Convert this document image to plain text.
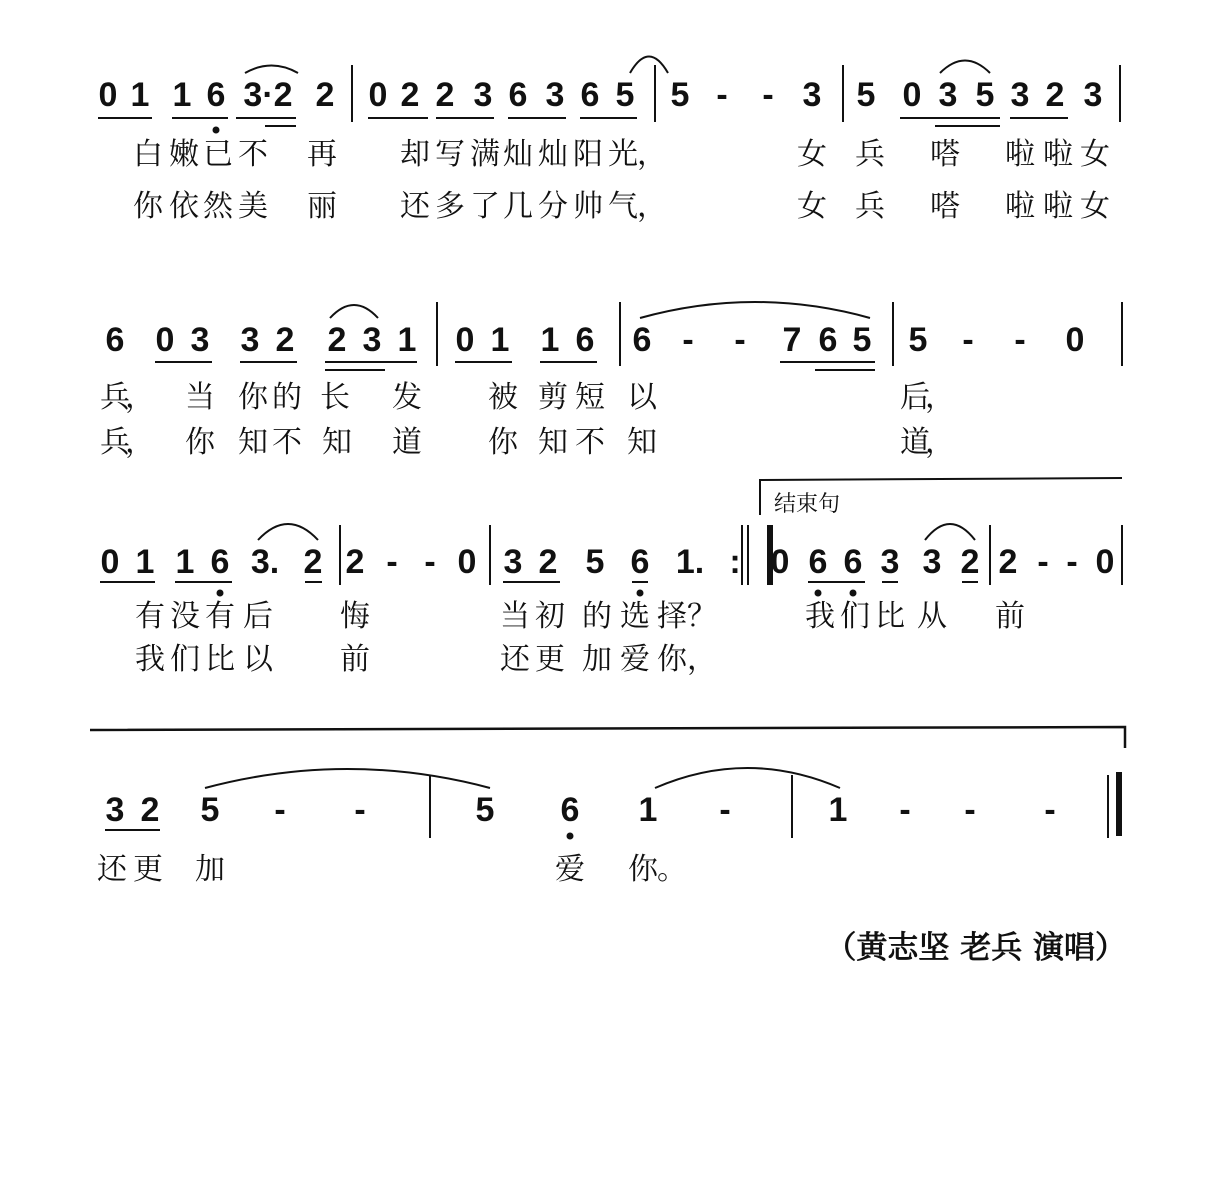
结束句
（黄志坚 老兵 演唱）
0 1 1 6 3·2 2 0 2 2 3 6 3 6 5 5 - - 3 5 0 3 5 3 2 3
白 嫩 已 不 再 却 写 满 灿 灿 阳 光 ，	女 兵 嗒 啦 啦 女
你 依 然 美 丽 还 多 了 几 分 帅 气 ，	女 兵 嗒 啦 啦 女
6 0 3 3 2 2 3 1 0 1 1 6 6 - - 7 6 5 5 - - 0
兵
， 当 你 的 长 发 被 剪 短 以	后
，
兵
， 你 知 不 知 道 你 知 不 知	道
，
0 1 1 6 3. 2 2 - - 0 3 2 5 6 1. : 0 6 6 3 3 2 2 - - 0
有 没 有 后 悔	当 初 的 选 择 ？	我 们 比 从 前
我 们 比 以 前	还 更 加 爱 你 ，
3 2 5 - -	5 6 1 -	1 - - -
还 更 加	爱 你 。
